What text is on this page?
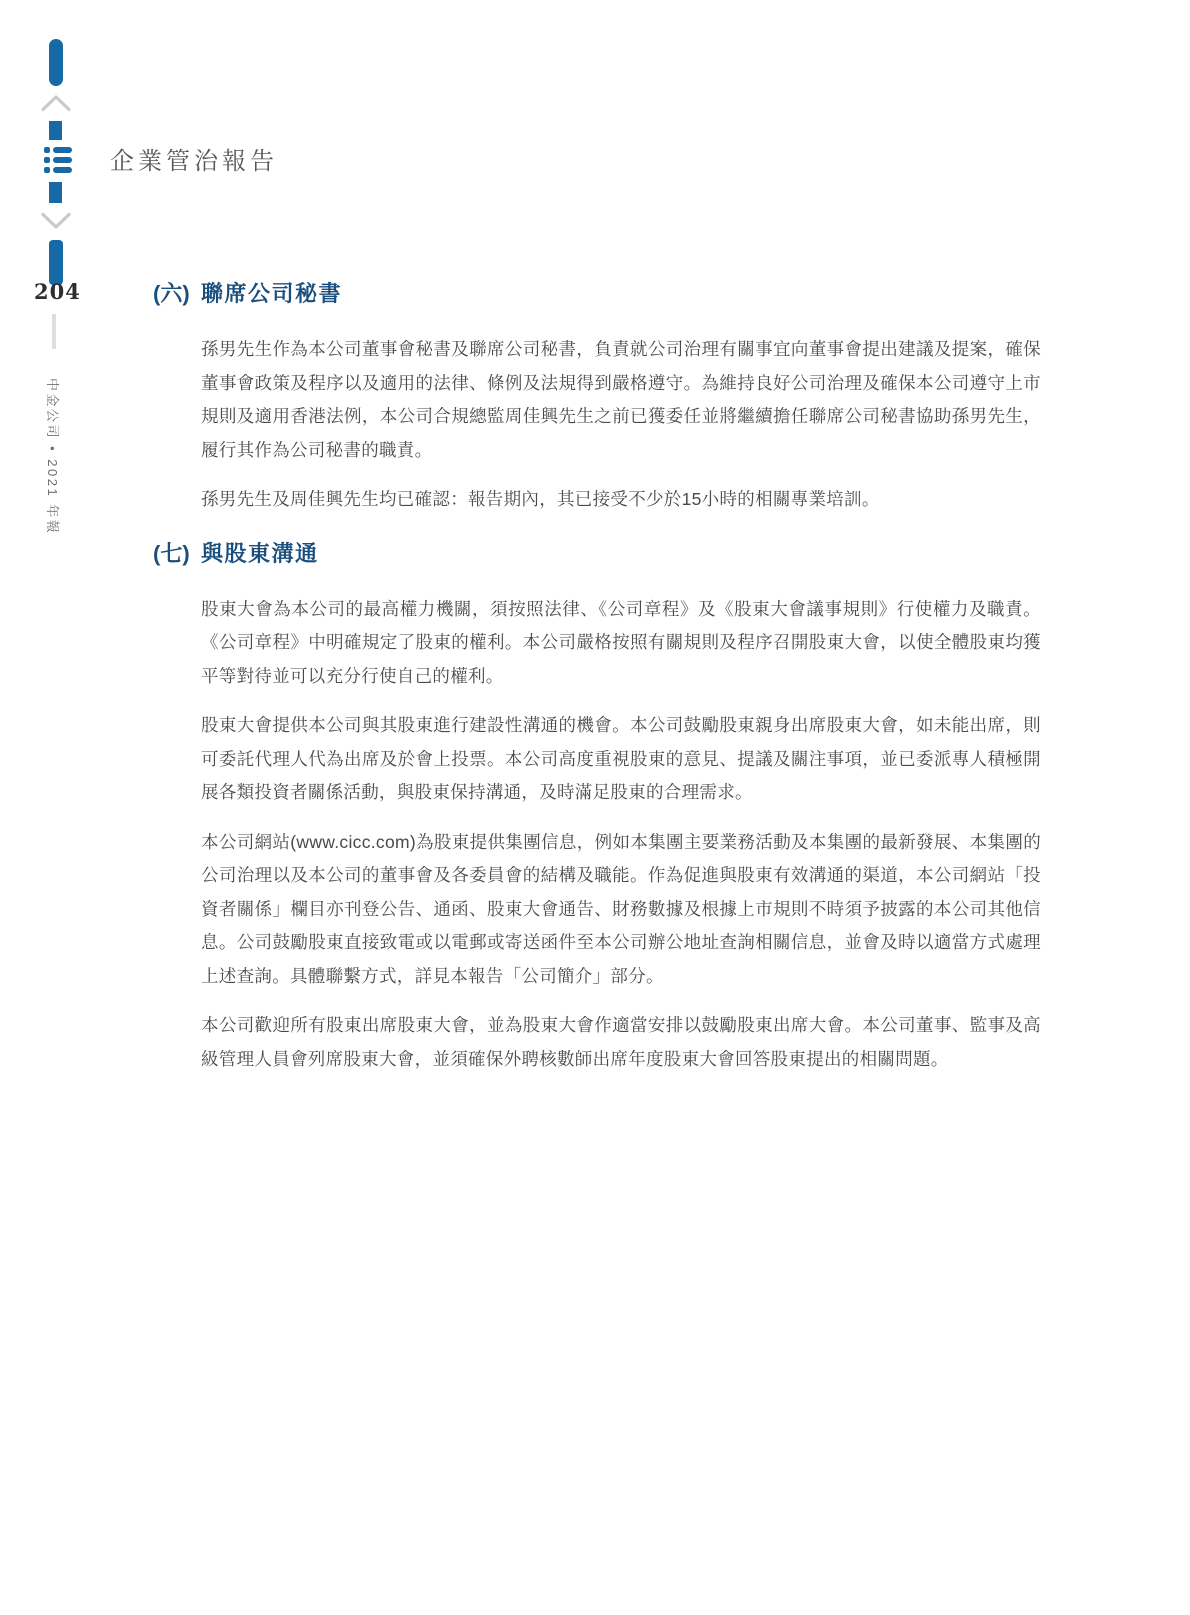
204
中金公司 • 2021 年報
企業管治報告
(六) 聯席公司秘書

孫男先生作為本公司董事會秘書及聯席公司秘書，負責就公司治理有關事宜向董事會提出建議及提案，確保董事會政策及程序以及適用的法律、條例及法規得到嚴格遵守。為維持良好公司治理及確保本公司遵守上市規則及適用香港法例，本公司合規總監周佳興先生之前已獲委任並將繼續擔任聯席公司秘書協助孫男先生，履行其作為公司秘書的職責。

孫男先生及周佳興先生均已確認：報告期內，其已接受不少於15小時的相關專業培訓。

(七) 與股東溝通

股東大會為本公司的最高權力機關，須按照法律、《公司章程》及《股東大會議事規則》行使權力及職責。《公司章程》中明確規定了股東的權利。本公司嚴格按照有關規則及程序召開股東大會，以使全體股東均獲平等對待並可以充分行使自己的權利。

股東大會提供本公司與其股東進行建設性溝通的機會。本公司鼓勵股東親身出席股東大會，如未能出席，則可委託代理人代為出席及於會上投票。本公司高度重視股東的意見、提議及關注事項，並已委派專人積極開展各類投資者關係活動，與股東保持溝通，及時滿足股東的合理需求。

本公司網站(www.cicc.com)為股東提供集團信息，例如本集團主要業務活動及本集團的最新發展、本集團的公司治理以及本公司的董事會及各委員會的結構及職能。作為促進與股東有效溝通的渠道，本公司網站「投資者關係」欄目亦刊登公告、通函、股東大會通告、財務數據及根據上市規則不時須予披露的本公司其他信息。公司鼓勵股東直接致電或以電郵或寄送函件至本公司辦公地址查詢相關信息，並會及時以適當方式處理上述查詢。具體聯繫方式，詳見本報告「公司簡介」部分。

本公司歡迎所有股東出席股東大會，並為股東大會作適當安排以鼓勵股東出席大會。本公司董事、監事及高級管理人員會列席股東大會，並須確保外聘核數師出席年度股東大會回答股東提出的相關問題。
